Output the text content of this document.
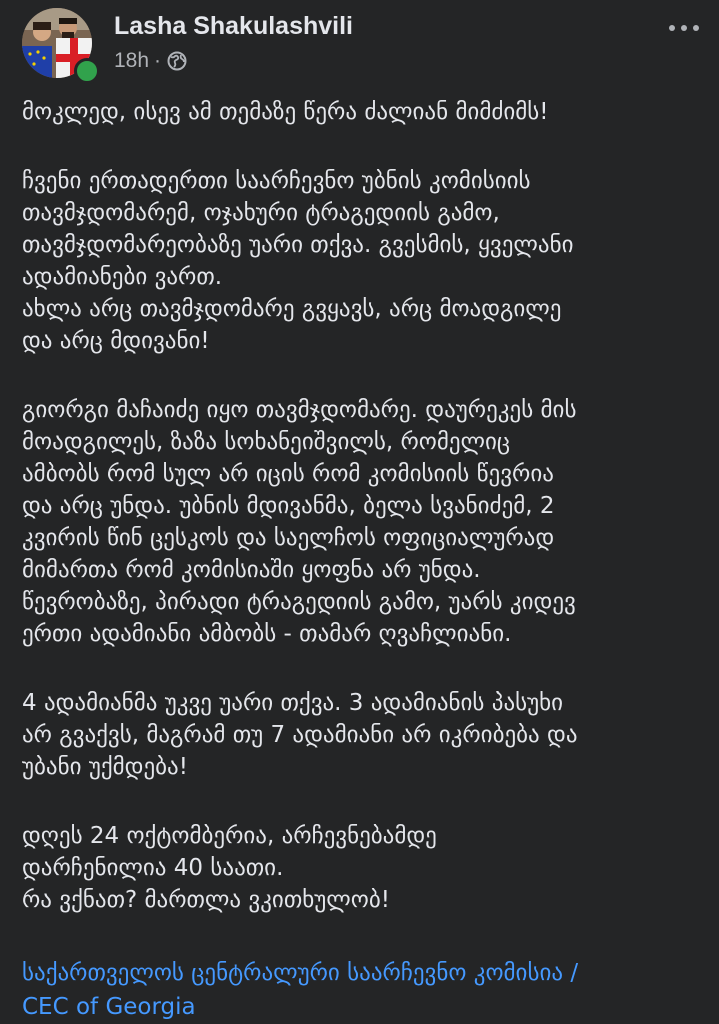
Lasha Shakulashvili
18h ·

მოკლედ, ისევ ამ თემაზე წერა ძალიან მიმძიმს!

ჩვენი ერთადერთი საარჩევნო უბნის კომისიის
თავმჯდომარემ, ოჯახური ტრაგედიის გამო,
თავმჯდომარეობაზე უარი თქვა. გვესმის, ყველანი
ადამიანები ვართ.
ახლა არც თავმჯდომარე გვყავს, არც მოადგილე
და არც მდივანი!

გიორგი მაჩაიძე იყო თავმჯდომარე. დაურეკეს მის
მოადგილეს, ზაზა სოხანეიშვილს, რომელიც
ამბობს რომ სულ არ იცის რომ კომისიის წევრია
და არც უნდა. უბნის მდივანმა, ბელა სვანიძემ, 2
კვირის წინ ცესკოს და საელჩოს ოფიციალურად
მიმართა რომ კომისიაში ყოფნა არ უნდა.
წევრობაზე, პირადი ტრაგედიის გამო, უარს კიდევ
ერთი ადამიანი ამბობს - თამარ ღვაჩლიანი.

4 ადამიანმა უკვე უარი თქვა. 3 ადამიანის პასუხი
არ გვაქვს, მაგრამ თუ 7 ადამიანი არ იკრიბება და
უბანი უქმდება!

დღეს 24 ოქტომბერია, არჩევნებამდე
დარჩენილია 40 საათი.
რა ვქნათ? მართლა ვკითხულობ!

საქართველოს ცენტრალური საარჩევნო კომისია /
CEC of Georgia
